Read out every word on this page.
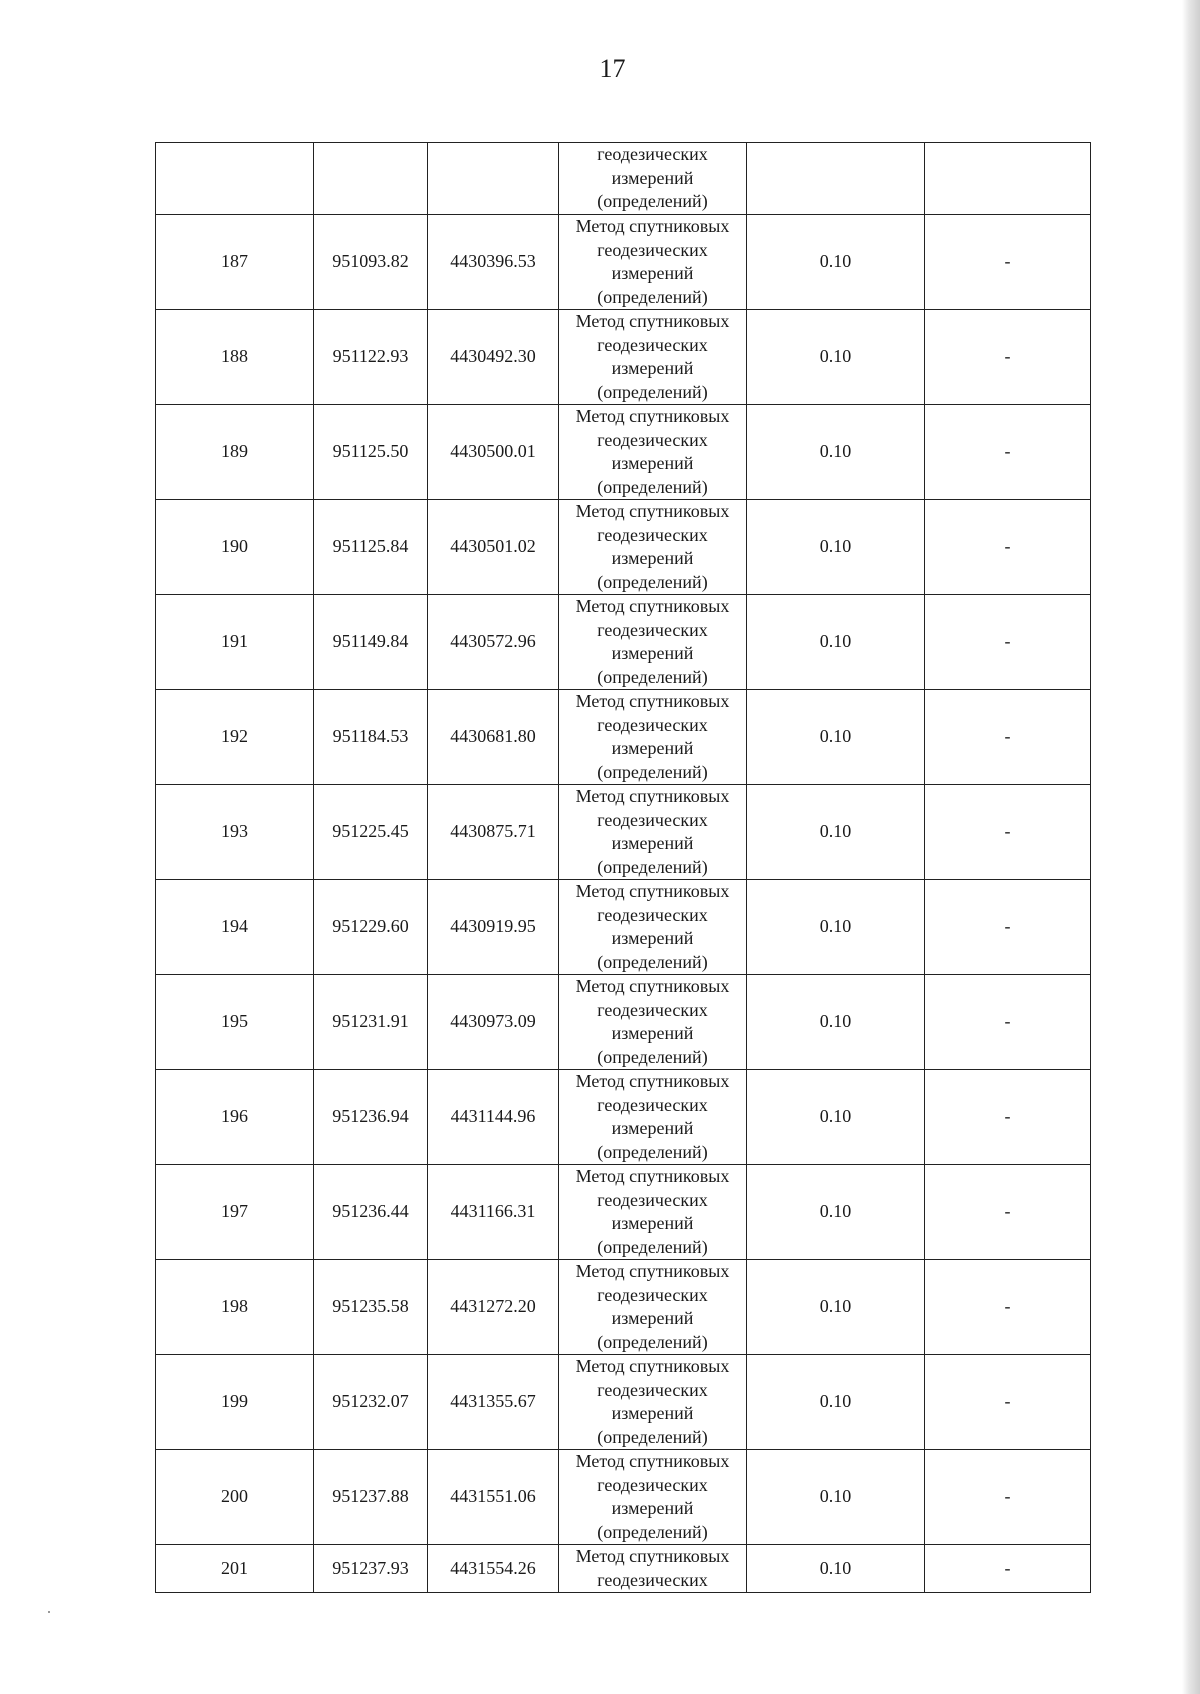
17

			геодезических
измерений
(определений)		

187	951093.82	4430396.53	Метод спутниковых
геодезических
измерений
(определений)	0.10	-
188	951122.93	4430492.30	Метод спутниковых
геодезических
измерений
(определений)	0.10	-
189	951125.50	4430500.01	Метод спутниковых
геодезических
измерений
(определений)	0.10	-
190	951125.84	4430501.02	Метод спутниковых
геодезических
измерений
(определений)	0.10	-
191	951149.84	4430572.96	Метод спутниковых
геодезических
измерений
(определений)	0.10	-
192	951184.53	4430681.80	Метод спутниковых
геодезических
измерений
(определений)	0.10	-
193	951225.45	4430875.71	Метод спутниковых
геодезических
измерений
(определений)	0.10	-
194	951229.60	4430919.95	Метод спутниковых
геодезических
измерений
(определений)	0.10	-
195	951231.91	4430973.09	Метод спутниковых
геодезических
измерений
(определений)	0.10	-
196	951236.94	4431144.96	Метод спутниковых
геодезических
измерений
(определений)	0.10	-
197	951236.44	4431166.31	Метод спутниковых
геодезических
измерений
(определений)	0.10	-
198	951235.58	4431272.20	Метод спутниковых
геодезических
измерений
(определений)	0.10	-
199	951232.07	4431355.67	Метод спутниковых
геодезических
измерений
(определений)	0.10	-
200	951237.88	4431551.06	Метод спутниковых
геодезических
измерений
(определений)	0.10	-
201	951237.93	4431554.26	Метод спутниковых
геодезических	0.10	-
